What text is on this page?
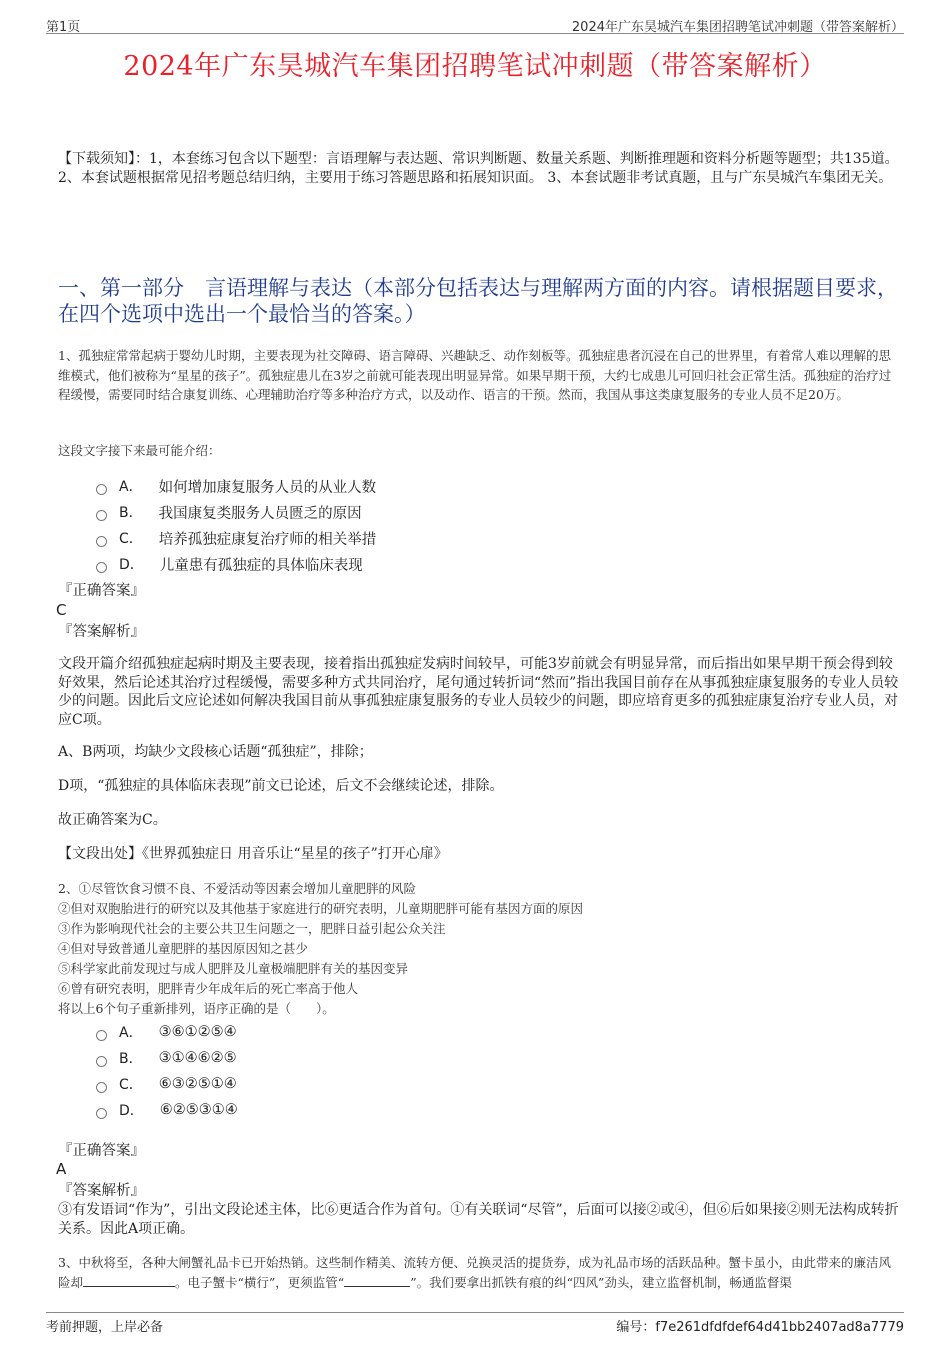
第1页	2024年广东昊城汽车集团招聘笔试冲刺题（带答案解析）
2024年广东昊城汽车集团招聘笔试冲刺题（带答案解析）
【下载须知】：1，本套练习包含以下题型：言语理解与表达题、常识判断题、数量关系题、判断推理题和资料分析题等题型；共135道。 2、本套试题根据常见招考题总结归纳，主要用于练习答题思路和拓展知识面。 3、本套试题非考试真题，且与广东昊城汽车集团无关。
一、第一部分　言语理解与表达（本部分包括表达与理解两方面的内容。请根据题目要求，在四个选项中选出一个最恰当的答案。）
1、孤独症常常起病于婴幼儿时期，主要表现为社交障碍、语言障碍、兴趣缺乏、动作刻板等。孤独症患者沉浸在自己的世界里，有着常人难以理解的思维模式，他们被称为“星星的孩子”。孤独症患儿在3岁之前就可能表现出明显异常。如果早期干预，大约七成患儿可回归社会正常生活。孤独症的治疗过程缓慢，需要同时结合康复训练、心理辅助治疗等多种治疗方式，以及动作、语言的干预。然而，我国从事这类康复服务的专业人员不足20万。
这段文字接下来最可能介绍：
A． 如何增加康复服务人员的从业人数
B． 我国康复类服务人员匮乏的原因
C． 培养孤独症康复治疗师的相关举措
D． 儿童患有孤独症的具体临床表现
『正确答案』
C
『答案解析』
文段开篇介绍孤独症起病时期及主要表现，接着指出孤独症发病时间较早，可能3岁前就会有明显异常，而后指出如果早期干预会得到较好效果，然后论述其治疗过程缓慢，需要多种方式共同治疗，尾句通过转折词“然而”指出我国目前存在从事孤独症康复服务的专业人员较少的问题。因此后文应论述如何解决我国目前从事孤独症康复服务的专业人员较少的问题，即应培育更多的孤独症康复治疗专业人员，对应C项。
A、B两项，均缺少文段核心话题“孤独症”，排除；
D项，“孤独症的具体临床表现”前文已论述，后文不会继续论述，排除。
故正确答案为C。
【文段出处】《世界孤独症日 用音乐让“星星的孩子”打开心扉》
2、①尽管饮食习惯不良、不爱活动等因素会增加儿童肥胖的风险
②但对双胞胎进行的研究以及其他基于家庭进行的研究表明，儿童期肥胖可能有基因方面的原因
③作为影响现代社会的主要公共卫生问题之一，肥胖日益引起公众关注
④但对导致普通儿童肥胖的基因原因知之甚少
⑤科学家此前发现过与成人肥胖及儿童极端肥胖有关的基因变异
⑥曾有研究表明，肥胖青少年成年后的死亡率高于他人
将以上6个句子重新排列，语序正确的是（　　）。
A． ③⑥①②⑤④
B． ③①④⑥②⑤
C． ⑥③②⑤①④
D． ⑥②⑤③①④
『正确答案』
A
『答案解析』
③有发语词“作为”，引出文段论述主体，比⑥更适合作为首句。①有关联词“尽管”，后面可以接②或④，但⑥后如果接②则无法构成转折关系。因此A项正确。
3、中秋将至，各种大闸蟹礼品卡已开始热销。这些制作精美、流转方便、兑换灵活的提货券，成为礼品市场的活跃品种。蟹卡虽小，由此带来的廉洁风险却	。电子蟹卡“横行”，更须监管“	”。我们要拿出抓铁有痕的纠“四风”劲头，建立监督机制，畅通监督渠
考前押题，上岸必备	编号：f7e261dfdfdef64d41bb2407ad8a7779
